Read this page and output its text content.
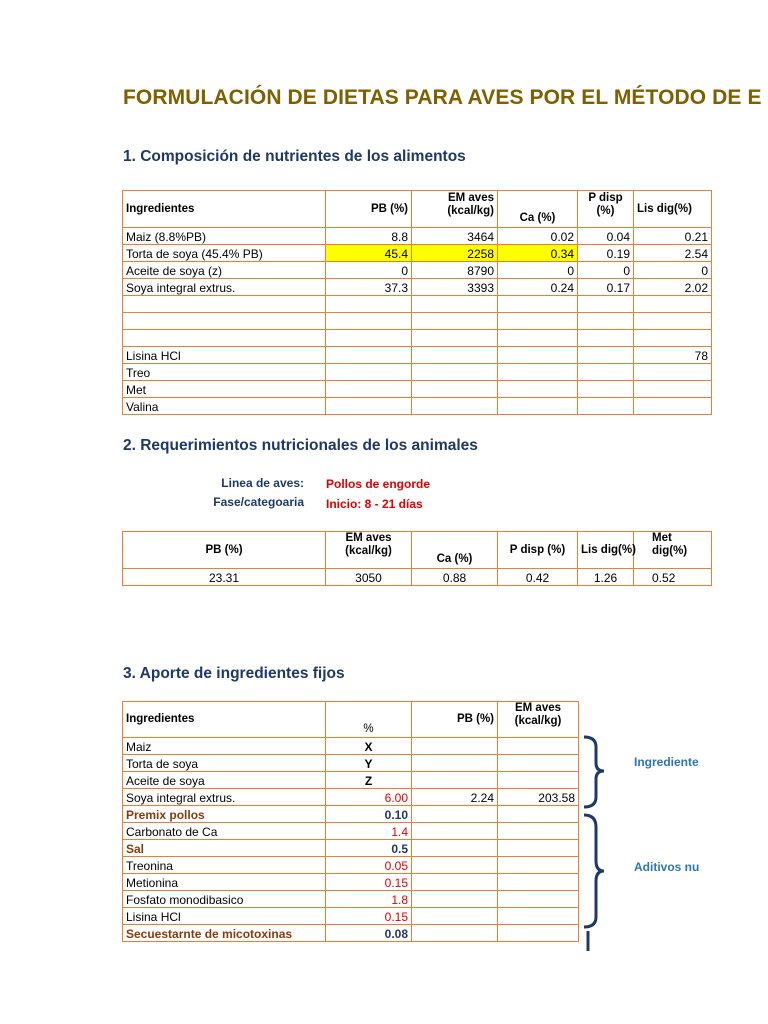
FORMULACIÓN DE DIETAS PARA AVES POR EL MÉTODO DE E
1. Composición de nutrientes de los alimentos
Ingredientes	PB (%)	EM aves (kcal/kg)	Ca (%)	P disp (%)	Lis dig(%)
Maiz (8.8%PB)	8.8	3464	0.02	0.04	0.21
Torta de soya (45.4% PB)	45.4	2258	0.34	0.19	2.54
Aceite de soya (z)	0	8790	0	0	0
Soya integral extrus.	37.3	3393	0.24	0.17	2.02

Lisina HCl					78
Treo					
Met					
Valina					
2. Requerimientos nutricionales de los animales
Linea de aves: Pollos de engorde
Fase/categoaria Inicio: 8 - 21 días
PB (%)	EM aves (kcal/kg)	Ca (%)	P disp (%)	Lis dig(%)	Met dig(%)
23.31	3050	0.88	0.42	1.26	0.52
3. Aporte de ingredientes fijos
Ingredientes	%	PB (%)	EM aves (kcal/kg)
Maiz	X		
Torta de soya	Y		
Aceite de soya	Z		
Soya integral extrus.	6.00	2.24	203.58
Premix pollos	0.10		
Carbonato de Ca	1.4		
Sal	0.5		
Treonina	0.05		
Metionina	0.15		
Fosfato monodibasico	1.8		
Lisina HCl	0.15		
Secuestarnte de micotoxinas	0.08		
Ingrediente
Aditivos nu
